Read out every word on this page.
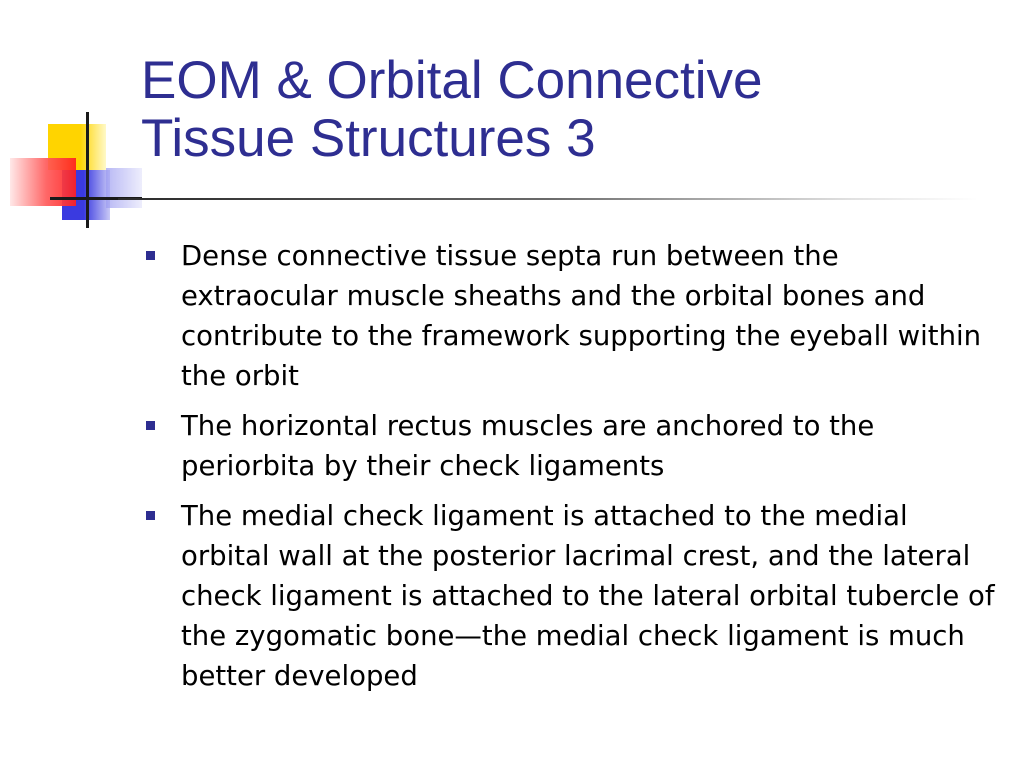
EOM & Orbital Connective
Tissue Structures 3
Dense connective tissue septa run between the extraocular muscle sheaths and the orbital bones and contribute to the framework supporting the eyeball within the orbit
The horizontal rectus muscles are anchored to the periorbita by their check ligaments
The medial check ligament is attached to the medial orbital wall at the posterior lacrimal crest, and the lateral check ligament is attached to the lateral orbital tubercle of the zygomatic bone—the medial check ligament is much better developed
